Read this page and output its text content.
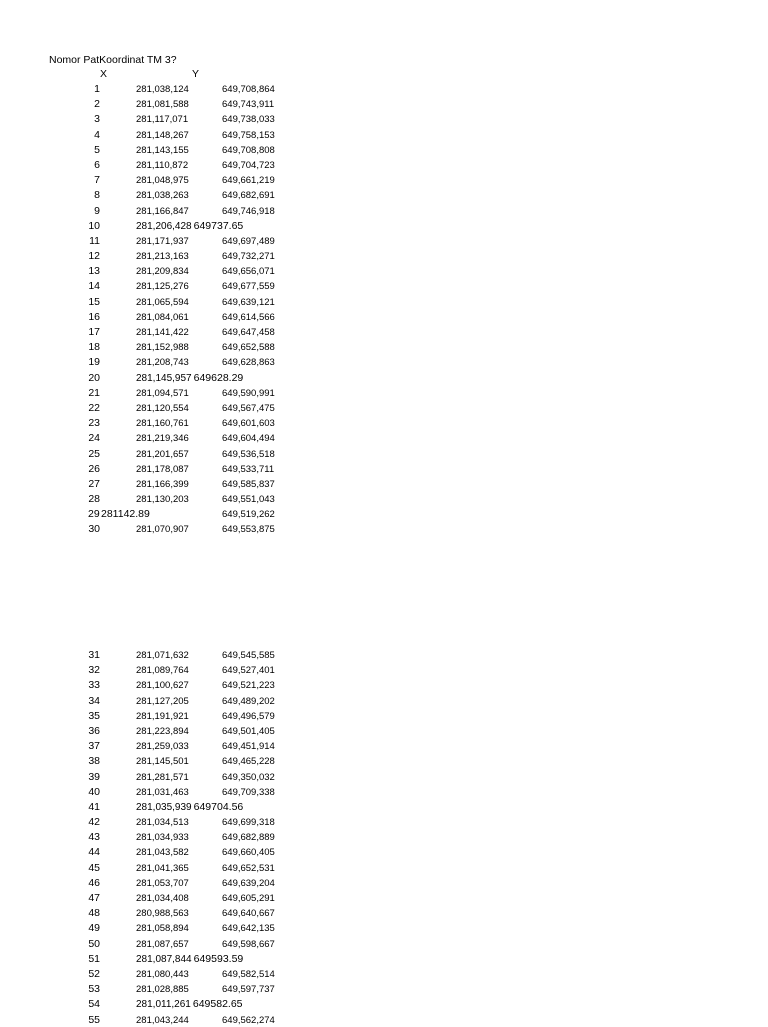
Nomor PatKoordinat TM 3?
X	Y
1	281,038,124	649,708,864
2	281,081,588	649,743,911
3	281,117,071	649,738,033
4	281,148,267	649,758,153
5	281,143,155	649,708,808
6	281,110,872	649,704,723
7	281,048,975	649,661,219
8	281,038,263	649,682,691
9	281,166,847	649,746,918
10	281,206,428 649737.65
11	281,171,937	649,697,489
12	281,213,163	649,732,271
13	281,209,834	649,656,071
14	281,125,276	649,677,559
15	281,065,594	649,639,121
16	281,084,061	649,614,566
17	281,141,422	649,647,458
18	281,152,988	649,652,588
19	281,208,743	649,628,863
20	281,145,957 649628.29
21	281,094,571	649,590,991
22	281,120,554	649,567,475
23	281,160,761	649,601,603
24	281,219,346	649,604,494
25	281,201,657	649,536,518
26	281,178,087	649,533,711
27	281,166,399	649,585,837
28	281,130,203	649,551,043
29 281142.89	649,519,262
30	281,070,907	649,553,875
31	281,071,632	649,545,585
32	281,089,764	649,527,401
33	281,100,627	649,521,223
34	281,127,205	649,489,202
35	281,191,921	649,496,579
36	281,223,894	649,501,405
37	281,259,033	649,451,914
38	281,145,501	649,465,228
39	281,281,571	649,350,032
40	281,031,463	649,709,338
41	281,035,939 649704.56
42	281,034,513	649,699,318
43	281,034,933	649,682,889
44	281,043,582	649,660,405
45	281,041,365	649,652,531
46	281,053,707	649,639,204
47	281,034,408	649,605,291
48	280,988,563	649,640,667
49	281,058,894	649,642,135
50	281,087,657	649,598,667
51	281,087,844 649593.59
52	281,080,443	649,582,514
53	281,028,885	649,597,737
54	281,011,261 649582.65
55	281,043,244	649,562,274
